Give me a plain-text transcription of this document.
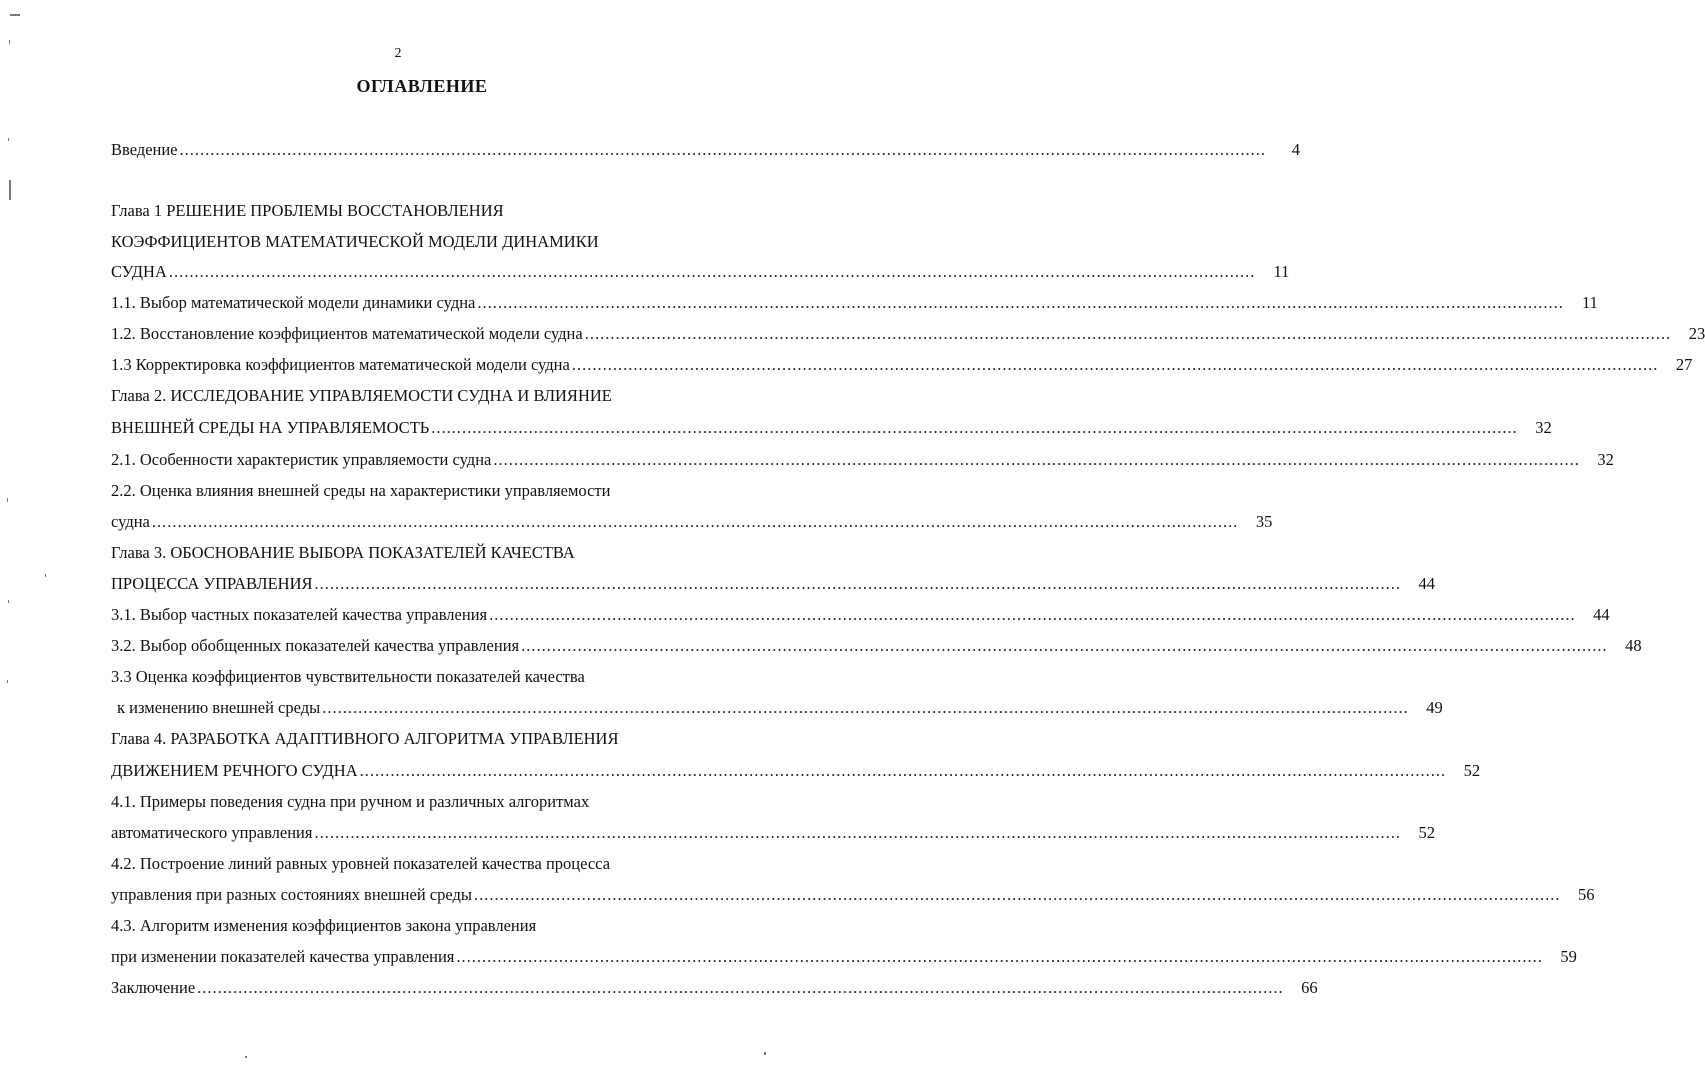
2
ОГЛАВЛЕНИЕ
Введение ....................................................................................................................................................................................................................	4
Глава 1 РЕШЕНИЕ ПРОБЛЕМЫ ВОССТАНОВЛЕНИЯ
КОЭФФИЦИЕНТОВ МАТЕМАТИЧЕСКОЙ МОДЕЛИ ДИНАМИКИ
СУДНА ....................................................................................................................................................................................................................	11
1.1. Выбор математической модели динамики судна ....................................................................................................................................................................................................................	11
1.2. Восстановление коэффициентов математической модели судна ....................................................................................................................................................................................................................	23
1.3 Корректировка коэффициентов математической модели судна ....................................................................................................................................................................................................................	27
Глава 2. ИССЛЕДОВАНИЕ УПРАВЛЯЕМОСТИ СУДНА И ВЛИЯНИЕ
ВНЕШНЕЙ СРЕДЫ НА УПРАВЛЯЕМОСТЬ ....................................................................................................................................................................................................................	32
2.1. Особенности характеристик управляемости судна ....................................................................................................................................................................................................................	32
2.2. Оценка влияния внешней среды на характеристики управляемости
судна ....................................................................................................................................................................................................................	35
Глава 3. ОБОСНОВАНИЕ ВЫБОРА ПОКАЗАТЕЛЕЙ КАЧЕСТВА
ПРОЦЕССА УПРАВЛЕНИЯ ....................................................................................................................................................................................................................	44
3.1. Выбор частных показателей качества управления ....................................................................................................................................................................................................................	44
3.2. Выбор обобщенных показателей качества управления ....................................................................................................................................................................................................................	48
3.3 Оценка коэффициентов чувствительности показателей качества
к изменению внешней среды ....................................................................................................................................................................................................................	49
Глава 4. РАЗРАБОТКА АДАПТИВНОГО АЛГОРИТМА УПРАВЛЕНИЯ
ДВИЖЕНИЕМ РЕЧНОГО СУДНА ....................................................................................................................................................................................................................	52
4.1. Примеры поведения судна при ручном и различных алгоритмах
автоматического управления ....................................................................................................................................................................................................................	52
4.2. Построение линий равных уровней показателей качества процесса
управления при разных состояниях внешней среды ....................................................................................................................................................................................................................	56
4.3. Алгоритм изменения коэффициентов закона управления
при изменении показателей качества управления ....................................................................................................................................................................................................................	59
Заключение ....................................................................................................................................................................................................................	66
